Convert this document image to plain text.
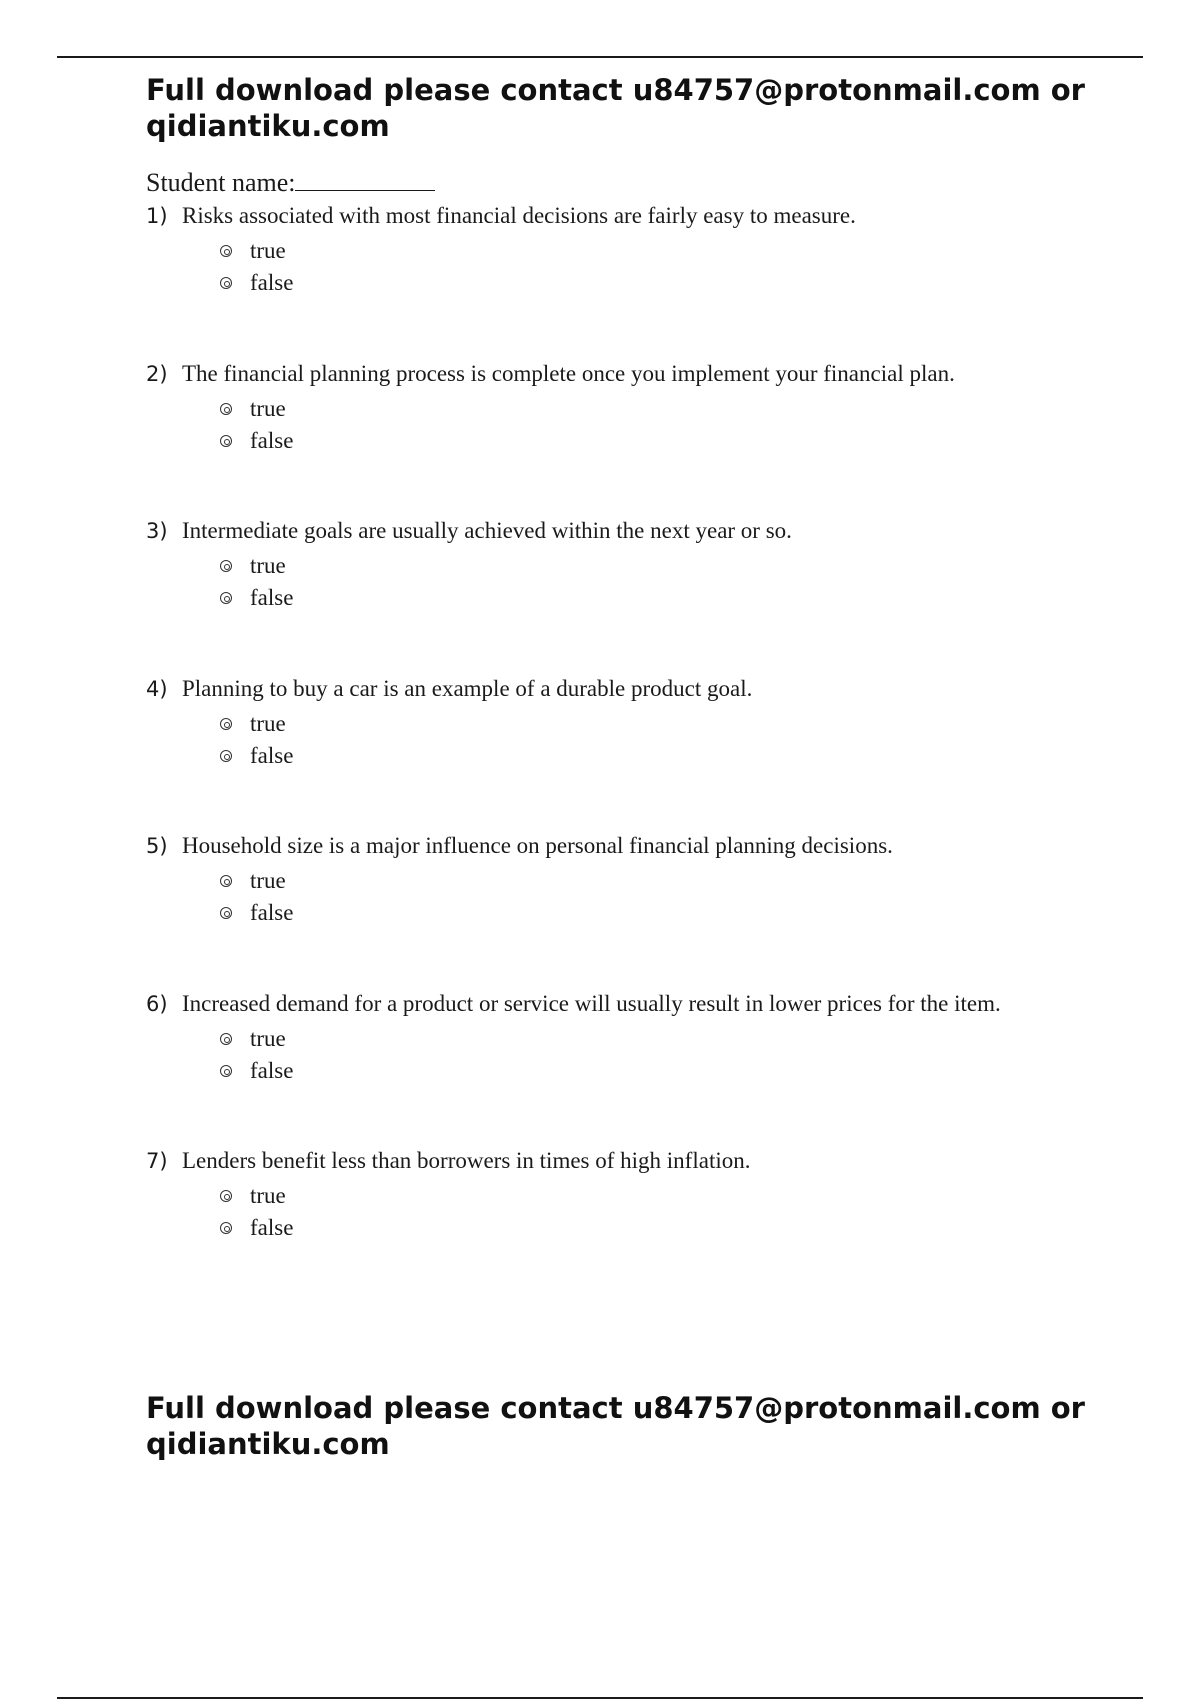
Full download please contact u84757@protonmail.com or
qidiantiku.com
Student name:
1) Risks associated with most financial decisions are fairly easy to measure.
true
false
2) The financial planning process is complete once you implement your financial plan.
true
false
3) Intermediate goals are usually achieved within the next year or so.
true
false
4) Planning to buy a car is an example of a durable product goal.
true
false
5) Household size is a major influence on personal financial planning decisions.
true
false
6) Increased demand for a product or service will usually result in lower prices for the item.
true
false
7) Lenders benefit less than borrowers in times of high inflation.
true
false
Full download please contact u84757@protonmail.com or
qidiantiku.com
